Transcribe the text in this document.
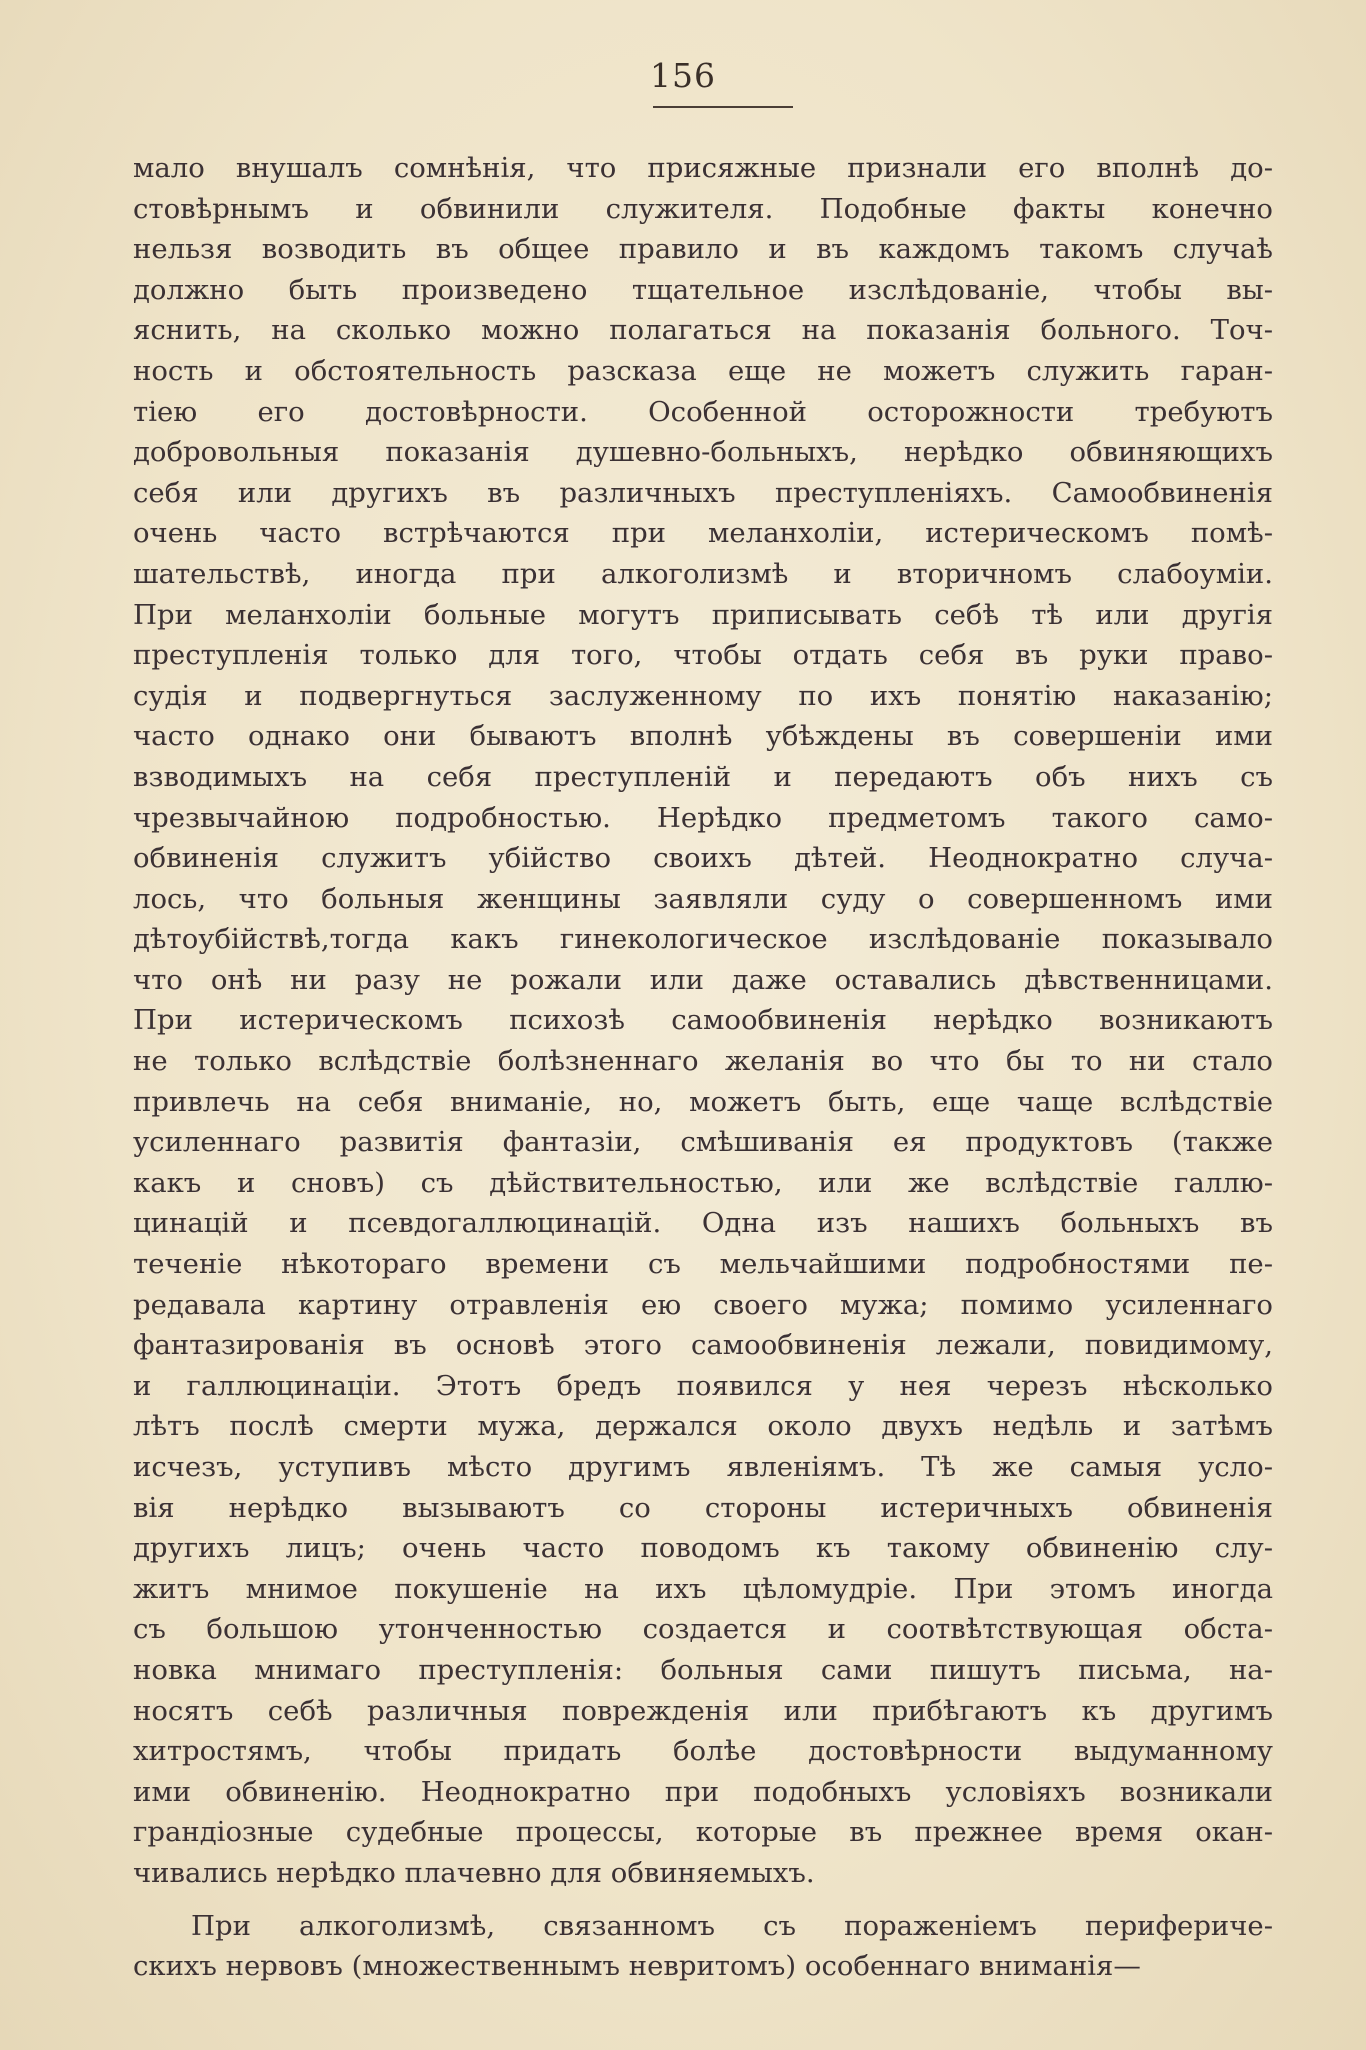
156
мало внушалъ сомнѣнія, что присяжные признали его вполнѣ до-
стовѣрнымъ и обвинили служителя. Подобные факты конечно
нельзя возводить въ общее правило и въ каждомъ такомъ случаѣ
должно быть произведено тщательное изслѣдованіе, чтобы вы-
яснить, на сколько можно полагаться на показанія больного. Точ-
ность и обстоятельность разсказа еще не можетъ служить гаран-
тіею его достовѣрности. Особенной осторожности требуютъ
добровольныя показанія душевно-больныхъ, нерѣдко обвиняющихъ
себя или другихъ въ различныхъ преступленіяхъ. Самообвиненія
очень часто встрѣчаются при меланхоліи, истерическомъ помѣ-
шательствѣ, иногда при алкоголизмѣ и вторичномъ слабоуміи.
При меланхоліи больные могутъ приписывать себѣ тѣ или другія
преступленія только для того, чтобы отдать себя въ руки право-
судія и подвергнуться заслуженному по ихъ понятію наказанію;
часто однако они бываютъ вполнѣ убѣждены въ совершеніи ими
взводимыхъ на себя преступленій и передаютъ объ нихъ съ
чрезвычайною подробностью. Нерѣдко предметомъ такого само-
обвиненія служитъ убійство своихъ дѣтей. Неоднократно случа-
лось, что больныя женщины заявляли суду о совершенномъ ими
дѣтоубійствѣ,тогда какъ гинекологическое изслѣдованіе показывало
что онѣ ни разу не рожали или даже оставались дѣвственницами.
При истерическомъ психозѣ самообвиненія нерѣдко возникаютъ
не только вслѣдствіе болѣзненнаго желанія во что бы то ни стало
привлечь на себя вниманіе, но, можетъ быть, еще чаще вслѣдствіе
усиленнаго развитія фантазіи, смѣшиванія ея продуктовъ (также
какъ и сновъ) съ дѣйствительностью, или же вслѣдствіе галлю-
цинацій и псевдогаллюцинацій. Одна изъ нашихъ больныхъ въ
теченіе нѣкотораго времени съ мельчайшими подробностями пе-
редавала картину отравленія ею своего мужа; помимо усиленнаго
фантазированія въ основѣ этого самообвиненія лежали, повидимому,
и галлюцинаціи. Этотъ бредъ появился у нея черезъ нѣсколько
лѣтъ послѣ смерти мужа, держался около двухъ недѣль и затѣмъ
исчезъ, уступивъ мѣсто другимъ явленіямъ. Тѣ же самыя усло-
вія нерѣдко вызываютъ со стороны истеричныхъ обвиненія
другихъ лицъ; очень часто поводомъ къ такому обвиненію слу-
житъ мнимое покушеніе на ихъ цѣломудріе. При этомъ иногда
съ большою утонченностью создается и соотвѣтствующая обста-
новка мнимаго преступленія: больныя сами пишутъ письма, на-
носятъ себѣ различныя поврежденія или прибѣгаютъ къ другимъ
хитростямъ, чтобы придать болѣе достовѣрности выдуманному
ими обвиненію. Неоднократно при подобныхъ условіяхъ возникали
грандіозные судебные процессы, которые въ прежнее время окан-
чивались нерѣдко плачевно для обвиняемыхъ.
При алкоголизмѣ, связанномъ съ пораженіемъ перифериче-
скихъ нервовъ (множественнымъ невритомъ) особеннаго вниманія—
